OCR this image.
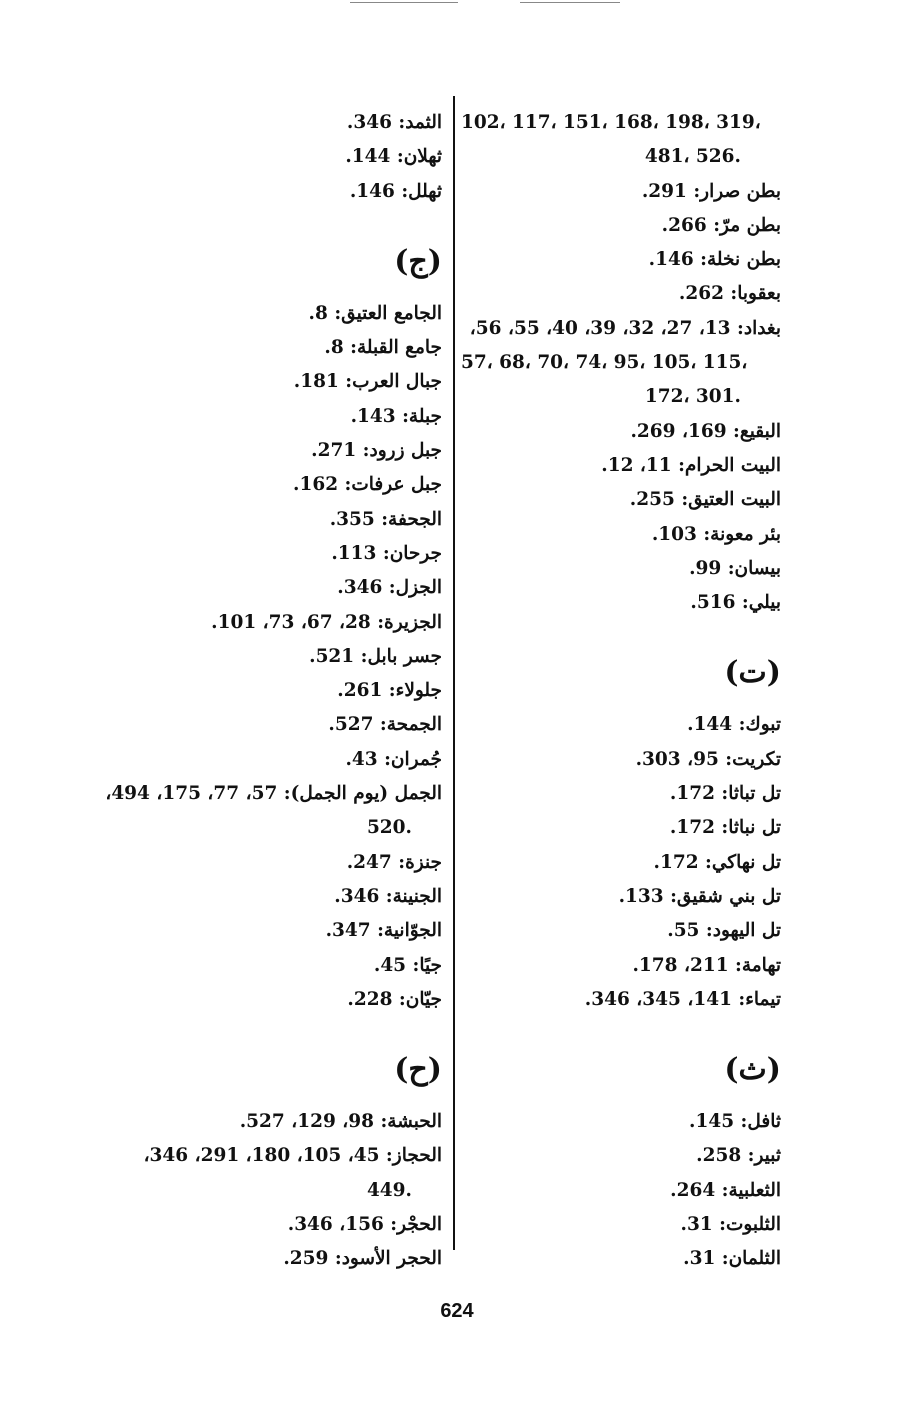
102، 117، 151، 168، 198، 319،
481، 526.
بطن صرار: 291.
بطن مرّ: 266.
بطن نخلة: 146.
بعقوبا: 262.
بغداد: 13، 27، 32، 39، 40، 55، 56،
57، 68، 70، 74، 95، 105، 115،
172، 301.
البقيع: 169، 269.
البيت الحرام: 11، 12.
البيت العتيق: 255.
بئر معونة: 103.
بيسان: 99.
بيلي: 516.
(ت)
تبوك: 144.
تكريت: 95، 303.
تل تباثا: 172.
تل نباثا: 172.
تل نهاكي: 172.
تل بني شقيق: 133.
تل اليهود: 55.
تهامة: 211، 178.
تيماء: 141، 345، 346.
(ث)
ثافل: 145.
ثبير: 258.
الثعلبية: 264.
الثلبوت: 31.
الثلمان: 31.
الثمد: 346.
ثهلان: 144.
ثهلل: 146.
(ج)
الجامع العتيق: 8.
جامع القبلة: 8.
جبال العرب: 181.
جبلة: 143.
جبل زرود: 271.
جبل عرفات: 162.
الجحفة: 355.
جرحان: 113.
الجزل: 346.
الجزيرة: 28، 67، 73، 101.
جسر بابل: 521.
جلولاء: 261.
الجمحة: 527.
جُمران: 43.
الجمل (يوم الجمل): 57، 77، 175، 494،
520.
جنزة: 247.
الجنينة: 346.
الجوّانية: 347.
جيًا: 45.
جيّان: 228.
(ح)
الحبشة: 98، 129، 527.
الحجاز: 45، 105، 180، 291، 346،
449.
الحجْر: 156، 346.
الحجر الأسود: 259.
624
